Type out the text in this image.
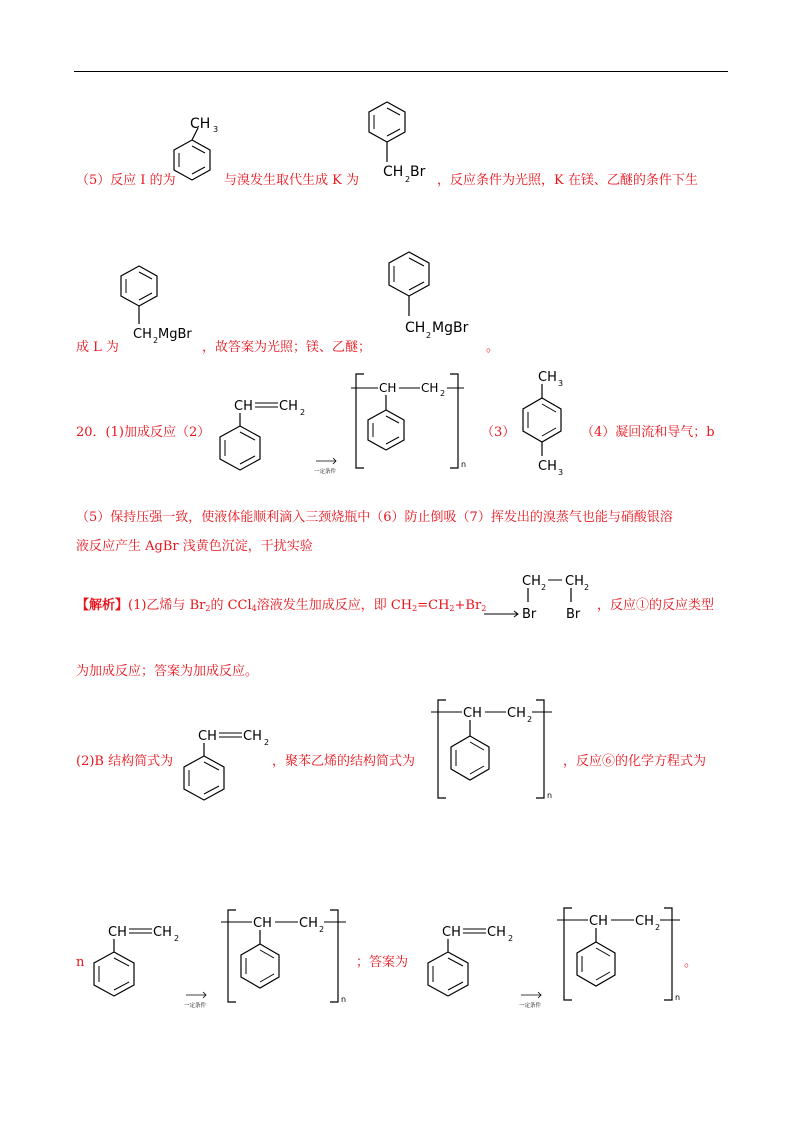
（5）反应 I 的为
CH 3
与溴发生取代生成 K 为
CH 2 Br
，反应条件为光照，K 在镁、乙醚的条件下生
成 L 为
CH 2 MgBr
，故答案为光照；镁、乙醚；
CH 2 MgBr
。
20．(1)加成反应（2）
CH CH 2
一定条件
CH CH 2
n
（3）
CH 3
CH 3
（4）凝回流和导气；b
（5）保持压强一致，使液体能顺利滴入三颈烧瓶中（6）防止倒吸（7）挥发出的溴蒸气也能与硝酸银溶
液反应产生 AgBr 浅黄色沉淀，干扰实验
【解析】(1)乙烯与 $Br_2$的 CCl$_4$溶液发生加成反应，即 $CH_2=CH_2+Br_2$
CH 2 CH 2
Br Br
，反应①的反应类型
为加成反应；答案为加成反应。
(2)B 结构简式为
CH CH 2
，聚苯乙烯的结构简式为
CH CH 2
n
，反应⑥的化学方程式为
n
CH CH 2
一定条件
CH CH 2
n
；答案为
CH CH 2
一定条件
CH CH 2
n
。
